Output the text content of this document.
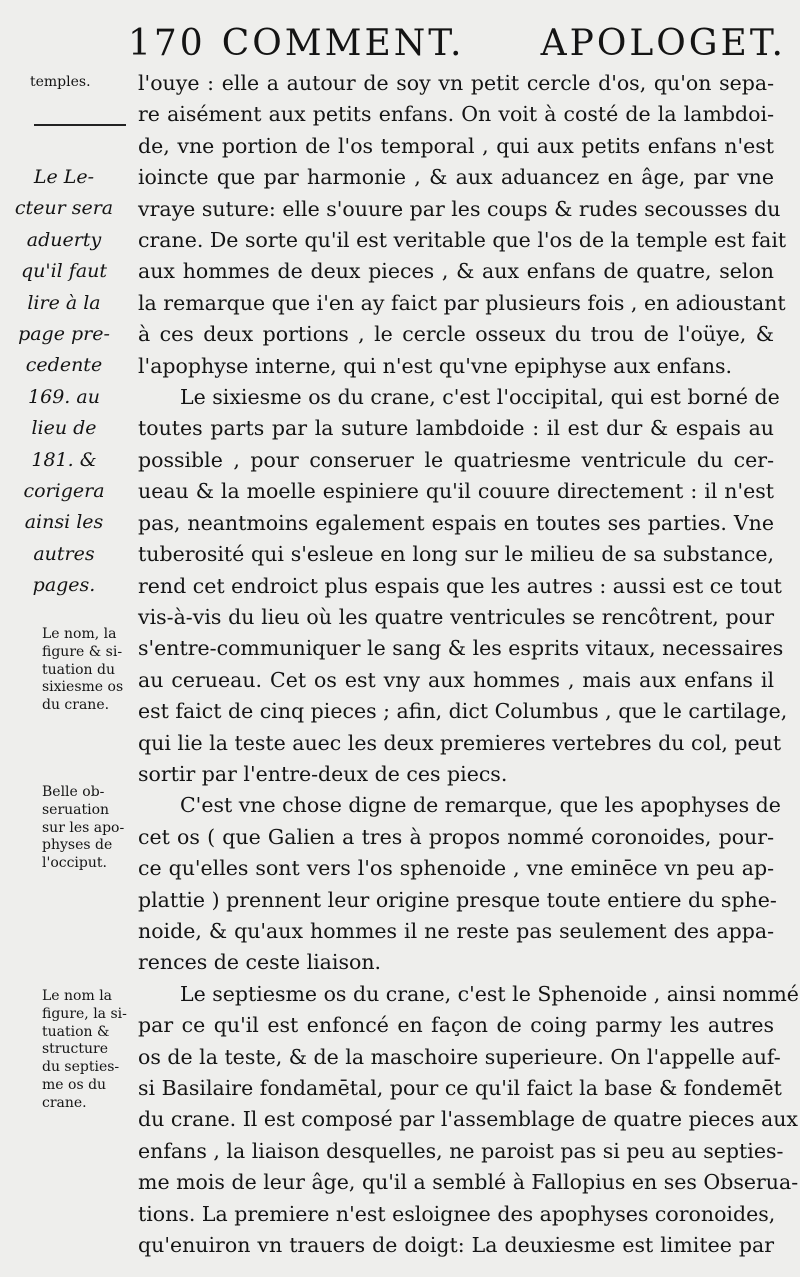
170 COMMENT. APOLOGET.
temples.
Le Le-
cteur sera
aduerty
qu'il faut
lire à la
page pre-
cedente
169. au
lieu de
181. &
corigera
ainsi les
autres
pages.
Le nom, la
figure & si-
tuation du
sixiesme os
du crane.
Belle ob-
seruation
sur les apo-
physes de
l'occiput.
Le nom la
figure, la si-
tuation &
structure
du septies-
me os du
crane.
l'ouye : elle a autour de soy vn petit cercle d'os, qu'on sepa-
re aisément aux petits enfans. On voit à costé de la lambdoi-
de, vne portion de l'os temporal , qui aux petits enfans n'est
ioincte que par harmonie , & aux aduancez en âge, par vne
vraye suture: elle s'ouure par les coups & rudes secousses du
crane. De sorte qu'il est veritable que l'os de la temple est fait
aux hommes de deux pieces , & aux enfans de quatre, selon
la remarque que i'en ay faict par plusieurs fois , en adioustant
à ces deux portions , le cercle osseux du trou de l'oüye, &
l'apophyse interne, qui n'est qu'vne epiphyse aux enfans.
Le sixiesme os du crane, c'est l'occipital, qui est borné de
toutes parts par la suture lambdoide : il est dur & espais au
possible , pour conseruer le quatriesme ventricule du cer-
ueau & la moelle espiniere qu'il couure directement : il n'est
pas, neantmoins egalement espais en toutes ses parties. Vne
tuberosité qui s'esleue en long sur le milieu de sa substance,
rend cet endroict plus espais que les autres : aussi est ce tout
vis-à-vis du lieu où les quatre ventricules se rencôtrent, pour
s'entre-communiquer le sang & les esprits vitaux, necessaires
au cerueau. Cet os est vny aux hommes , mais aux enfans il
est faict de cinq pieces ; afin, dict Columbus , que le cartilage,
qui lie la teste auec les deux premieres vertebres du col, peut
sortir par l'entre-deux de ces piecs.
C'est vne chose digne de remarque, que les apophyses de
cet os ( que Galien a tres à propos nommé coronoides, pour-
ce qu'elles sont vers l'os sphenoide , vne eminēce vn peu ap-
plattie ) prennent leur origine presque toute entiere du sphe-
noide, & qu'aux hommes il ne reste pas seulement des appa-
rences de ceste liaison.
Le septiesme os du crane, c'est le Sphenoide , ainsi nommé
par ce qu'il est enfoncé en façon de coing parmy les autres
os de la teste, & de la maschoire superieure. On l'appelle auf-
si Basilaire fondamētal, pour ce qu'il faict la base & fondemēt
du crane. Il est composé par l'assemblage de quatre pieces aux
enfans , la liaison desquelles, ne paroist pas si peu au septies-
me mois de leur âge, qu'il a semblé à Fallopius en ses Obserua-
tions. La premiere n'est esloignee des apophyses coronoides,
qu'enuiron vn trauers de doigt: La deuxiesme est limitee par
